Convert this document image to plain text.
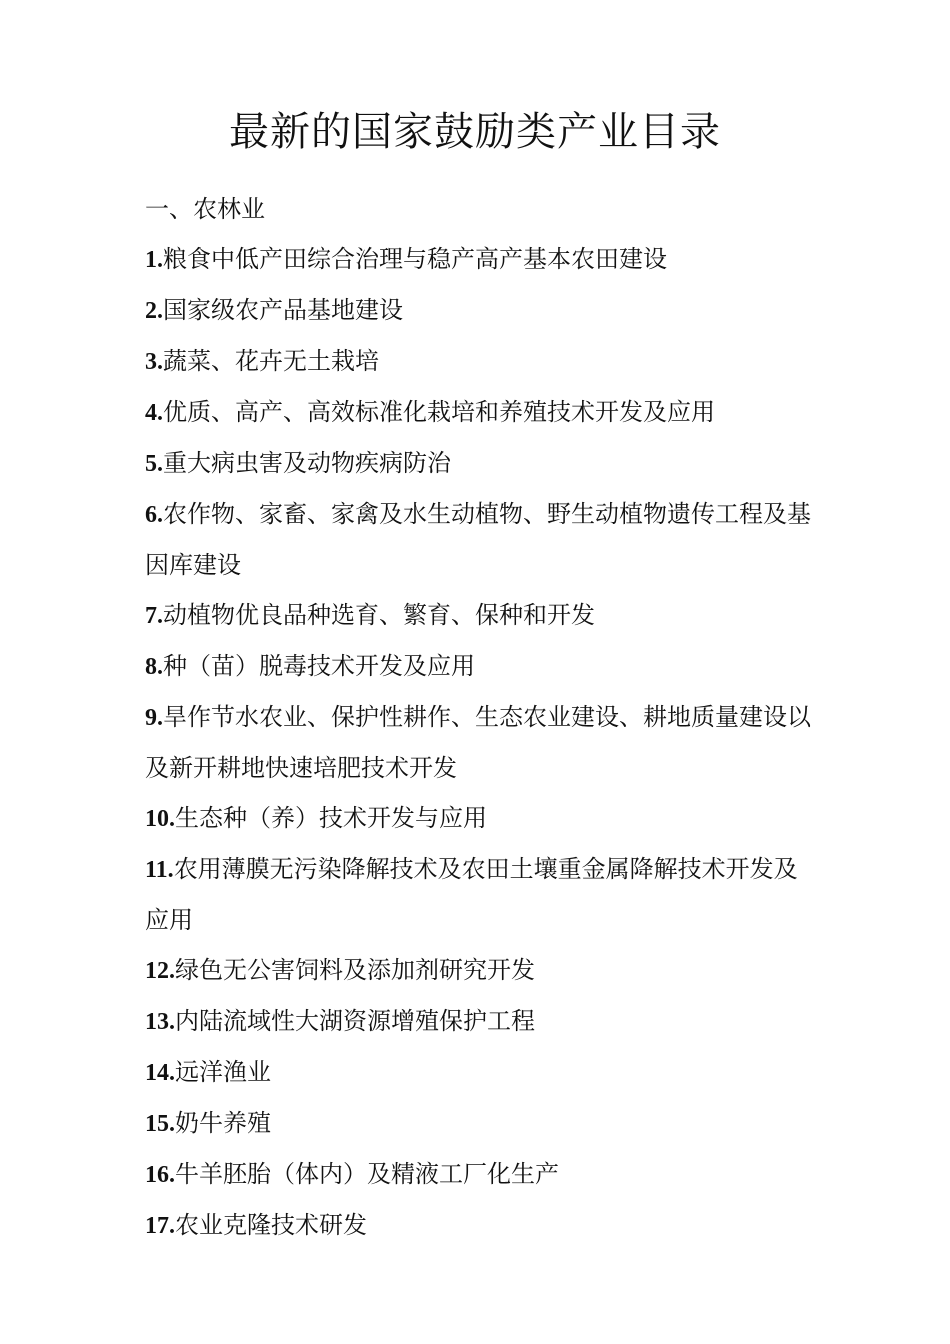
最新的国家鼓励类产业目录

一、农林业

1.粮食中低产田综合治理与稳产高产基本农田建设

2.国家级农产品基地建设

3.蔬菜、花卉无土栽培

4.优质、高产、高效标准化栽培和养殖技术开发及应用

5.重大病虫害及动物疾病防治

6.农作物、家畜、家禽及水生动植物、野生动植物遗传工程及基因库建设

7.动植物优良品种选育、繁育、保种和开发

8.种（苗）脱毒技术开发及应用

9.旱作节水农业、保护性耕作、生态农业建设、耕地质量建设以及新开耕地快速培肥技术开发

10.生态种（养）技术开发与应用

11.农用薄膜无污染降解技术及农田土壤重金属降解技术开发及应用

12.绿色无公害饲料及添加剂研究开发

13.内陆流域性大湖资源增殖保护工程

14.远洋渔业

15.奶牛养殖

16.牛羊胚胎（体内）及精液工厂化生产

17.农业克隆技术研发
